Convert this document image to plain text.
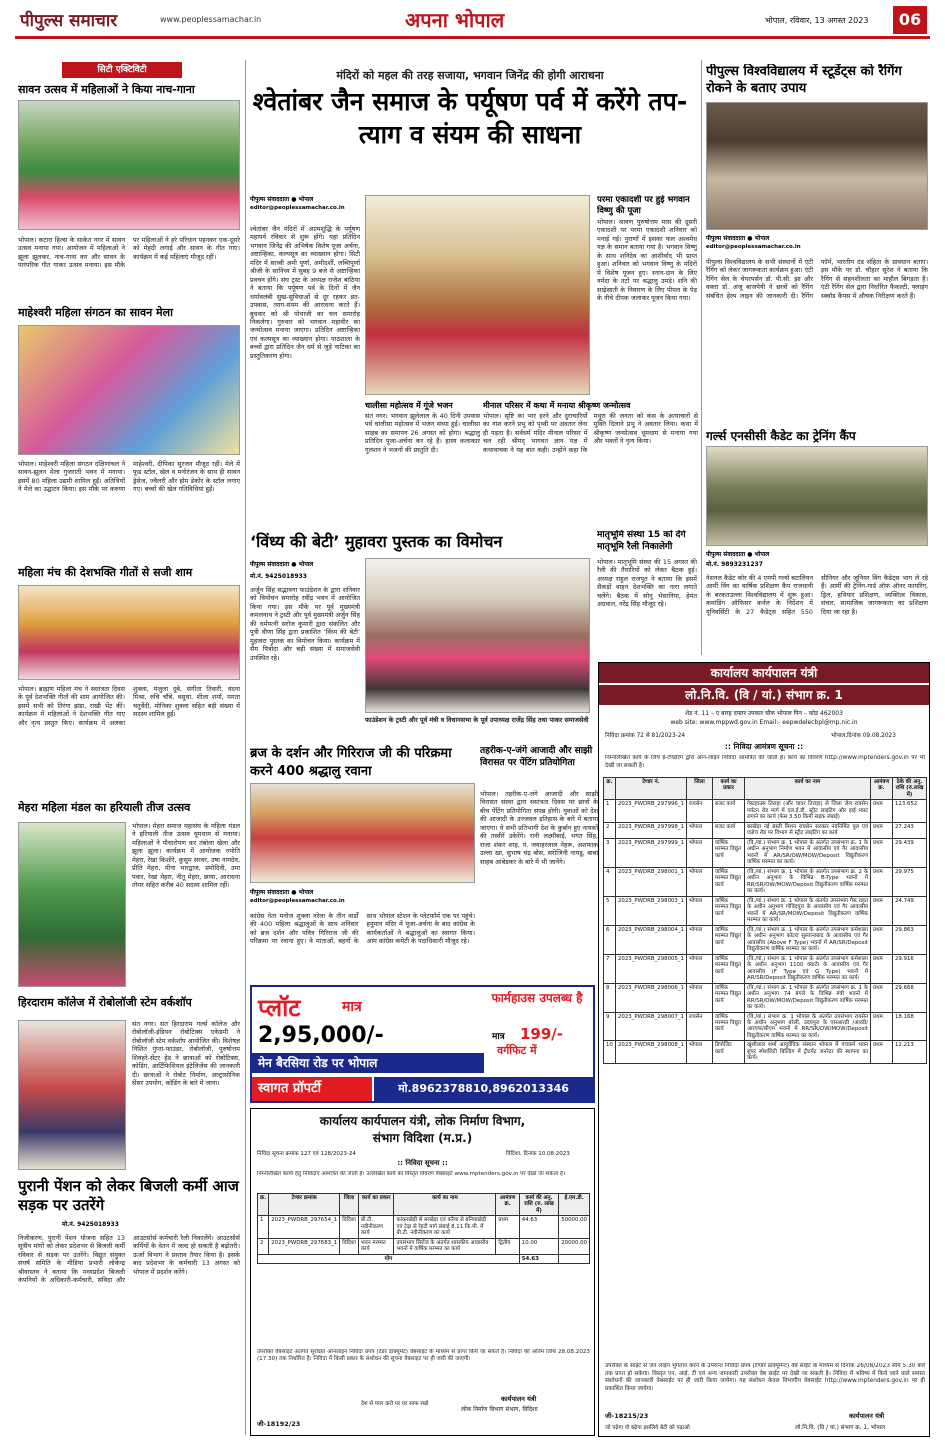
पीपुल्स समाचार	www.peoplessamachar.in	अपना भोपाल	भोपाल, रविवार, 13 अगस्त 2023	06
सिटी एक्टिविटी
सावन उत्सव में महिलाओं ने किया नाच-गाना
भोपाल। कटारा हिल्स के साकेत नगर में सावन उत्सव मनाया गया। आयोजन में महिलाओं ने झूला झूलकर, नाच-गाना कर और सावन के पारंपरिक गीत गाकर उत्सव मनाया। इस मौके पर महिलाओं ने हरे परिधान पहनकर एक-दूसरे को मेहंदी लगाई और सावन के गीत गाए। कार्यक्रम में कई महिलाएं मौजूद रहीं।
माहेश्वरी महिला संगठन का सावन मेला
भोपाल। माहेश्वरी महिला संगठन दक्षिणांचल ने सावन-झूलन मेला गुजराती भवन में मनाया। इसमें 80 महिला उद्यमी शामिल हुईं। अतिथियों ने मेले का उद्घाटन किया। इस मौके पर करुणा माहेश्वरी, दीपिका सुरजन मौजूद रहीं। मेले में फूड स्टॉल, खेल व मनोरंजन के साथ ही सावन ड्रेसेज, ज्वैलरी और होम डेकोर के स्टॉल लगाए गए। बच्चों की खेल गतिविधियां हुईं।
महिला मंच की देशभक्ति गीतों से सजी शाम
भोपाल। ब्राह्मण महिला मंच ने स्वतंत्रता दिवस के पूर्व देशभक्ति गीतों की शाम आयोजित की। इसमें सभी को तिरंगा झंडा, राखी भेंट कीं। कार्यक्रम में महिलाओं ने देशभक्ति गीत गाए और नृत्य प्रस्तुत किए। कार्यक्रम में अलका शुक्ला, मंजुला दुबे, संगीता तिवारी, वंदना मिश्रा, रुचि चौबे, वसुधा, शीला शर्मा, ममता चतुर्वेदी, मोनिका शुक्ला सहित बड़ी संख्या में सदस्य शामिल हुईं।
मेहरा महिला मंडल का हरियाली तीज उत्सव
भोपाल। मेहरा समाज महासंघ के महिला मंडल ने हरियाली तीज उत्सव धूमधाम से मनाया। महिलाओं ने पौधारोपण कर तंबोला खेला और झूला झूला। कार्यक्रम में आयोजक ज्योति मेहरा, रेखा किशोरे, कुसुम सरवर, उषा नामदेव, प्रीति मेहरा, मीना भारद्वाज, प्रमोदिनी, उमा पवार, रेखा मेहरा, नीतू मेहरा, छाया, आराधना तोमर सहित करीब 40 सदस्य शामिल रहीं।
हिरदाराम कॉलेज में रोबोलॉजी स्टेम वर्कशॉप
संत नगर। संत हिरदाराम गर्ल्स कॉलेज और रोबोलॉजी-इंडियन रोबोटिक्स एकेडमी ने रोबोलॉजी स्टेम वर्कशॉप आयोजित की। विशेषज्ञ निशित गुप्ता-फाउंडर, रोबोलॉजी, पुरुषोत्तम शिवहरे-सेंटर हेड ने छात्राओं को रोबोटिक्स, कोडिंग, आर्टिफिशियल इंटेलिजेंस की जानकारी दी। छात्राओं ने रोबोट निर्माण, अल्ट्रासोनिक सेंसर उपयोग, कोडिंग के बारे में जाना।
पुरानी पेंशन को लेकर बिजली कर्मी आज सड़क पर उतरेंगे
मो.नं. 9425018933
निजीकरण, पुरानी पेंशन योजना सहित 13 सूत्रीय मांगों को लेकर प्रदेशभर से बिजली कर्मी रविवार से सड़क पर उतरेंगे। विद्युत संयुक्त संघर्ष समिति के मीडिया प्रभारी लोकेन्द्र श्रीवास्तव ने बताया कि मध्यप्रदेश बिजली कंपनियों के अधिकारी-कर्मचारी, संविदा और आउटसोर्स कर्मचारी रैली निकालेंगे। आउटसोर्स कर्मियों के वेतन में जल्द हो सकती है बढ़ोतरी। ऊर्जा विभाग ने प्रस्ताव तैयार किया है। इसके बाद प्रदेशभर के कर्मचारी 13 अगस्त को भोपाल में प्रदर्शन करेंगे।
मंदिरों को महल की तरह सजाया, भगवान जिनेंद्र की होगी आराधना
श्वेतांबर जैन समाज के पर्यूषण पर्व में करेंगे तप-त्याग व संयम की साधना
पीपुल्स संवाददाता ● भोपाल
editor@peoplessamachar.co.in
श्वेतांबर जैन मंदिरों में आत्मशुद्धि के पर्यूषण महापर्व रविवार से शुरू होंगे। यहां प्रतिदिन भगवान जिनेंद्र की अभिषेक विशेष पूजा अर्चना, अष्टान्हिका, कल्पसूत्र का व्याख्यान होगा। सिटी मंदिर में साध्वी अमी पूर्णा, अमीदर्शी, लब्धिपूर्णा श्रीजी के सानिध्य में सुबह 9 बजे से अष्टान्हिका प्रवचन होंगे। संघ ट्रस्ट के अध्यक्ष राजेश बांठिया ने बताया कि पर्यूषण पर्व के दिनों में जैन धर्मावलंबी सुख-सुविधाओं से दूर रहकर व्रत-उपवास, त्याग-संयम की आराधना करते हैं। बुधवार को श्री पोथाजी का चल समारोह निकलेगा। गुरुवार को भगवान महावीर का जन्मोत्सव मनाया जाएगा। प्रतिदिन अष्टान्हिका एवं कल्पसूत्र का व्याख्यान होगा। पाठशाला के बच्चों द्वारा प्रतिदिन जैन धर्म से जुड़े नाटिका का प्रस्तुतिकरण होगा।
चालीसा महोत्सव में गूंजे भजन
संत नगर। भगवान झूलेलाल के 40 दिनी उपवास पर्व चालीसा महोत्सव में भजन संध्या हुई। चालीसा साहब का समापन 26 अगस्त को होगा। श्रद्धालु प्रतिदिन पूजा-अर्चना कर रहे हैं। हास्य कलाकार गुलशन ने भजनों की प्रस्तुति दी।
परमा एकादशी पर हुई भगवान विष्णु की पूजा
भोपाल। श्रावण पुरुषोत्तम मास की दूसरी एकादशी पर परमा एकादशी शनिवार को मनाई गई। पुराणों में इसका फल अश्वमेध यज्ञ के समान बताया गया है। भगवान विष्णु के साथ शनिदेव का आशीर्वाद भी प्राप्त हुआ। शनिवार को भगवान विष्णु के मंदिरों में विशेष पूजन हुए। स्नान-दान के लिए नर्मदा के तटों पर श्रद्धालु उमड़े। शनि की साढ़ेसाती के निवारण के लिए पीपल के पेड़ के नीचे दीपक जलाकर पूजन किया गया।
मीनाल परिसर में कथा में मनाया श्रीकृष्ण जन्मोत्सव
भोपाल। सृष्टि का भार हरने और दुराचारियों का नाश करने प्रभु को पृथ्वी पर अवतार लेना ही पड़ता है। सर्वधर्म मंदिर मीनाल परिसर में चल रही श्रीमद् भागवत ज्ञान यज्ञ में कथावाचक ने यह बात कही। उन्होंने कहा कि मथुरा की जनता को कंस के अत्याचारों से मुक्ति दिलाने प्रभु ने अवतार लिया। कथा में श्रीकृष्ण जन्मोत्सव धूमधाम से मनाया गया और भक्तों ने नृत्य किया।
पीपुल्स विश्वविद्यालय में स्टूडेंट्स को रैगिंग रोकने के बताए उपाय
पीपुल्स संवाददाता ● भोपाल
editor@peoplessamachar.co.in
पीपुल्स विश्वविद्यालय के सभी संस्थानों में एंटी रैगिंग को लेकर जागरूकता कार्यक्रम हुआ। एंटी रैगिंग सेल के चेयरपर्सन डॉ. पी.सी. झा और वक्ता डॉ. अंजू बाजपेयी ने छात्रों को रैगिंग संबंधित हेल्प लाइन की जानकारी दी। रैगिंग फॉर्म, भारतीय दंड संहिता के प्रावधान बताए। इस मौके पर डॉ. चौहार सुरेश ने बताया कि रैगिंग से सहनशीलता का माहौल बिगड़ता है। एंटी रैगिंग सेल द्वारा निर्धारित फैकल्टी, फ्लाइंग स्क्वॉड कैंपस में औचक निरीक्षण करते हैं।
गर्ल्स एनसीसी कैडेट का ट्रेनिंग कैंप
पीपुल्स संवाददाता ● भोपाल
मो.नं. 9893231237
नेशनल कैडेट कोर की 4 एमपी गर्ल्स बटालियन आर्मी विंग का वार्षिक प्रशिक्षण कैंप राजधानी के बरकतउल्ला विश्वविद्यालय में शुरू हुआ। कमांडिंग ऑफिसर कर्नल के निर्देशन में यूनिवर्सिटी के 27 कैडेट्स सहित 550 सीनियर और जूनियर विंग कैडेट्स भाग ले रहे हैं। आर्मी की ट्रेनिंग-गार्ड ऑफ ऑनर फायरिंग, ड्रिल, हथियार प्रशिक्षण, व्यक्तित्व विकास, संचार, सामाजिक जागरूकता का प्रशिक्षण दिया जा रहा है।
‘विंध्य की बेटी’ मुहावरा पुस्तक का विमोचन
पीपुल्स संवाददाता ● भोपाल
मो.नं. 9425018933
अर्जुन सिंह सद्भावना फाउंडेशन के द्वारा शनिवार को विमोचन समारोह रवींद्र भवन में आयोजित किया गया। इस मौके पर पूर्व मुख्यमंत्री कमलनाथ ने ट्रस्टी और पूर्व मुख्यमंत्री अर्जुन सिंह की धर्मपत्नी सरोज कुमारी द्वारा संकलित और पुत्री वीणा सिंह द्वारा प्रकाशित ‘विंध्य की बेटी’ मुहावरा पुस्तक का विमोचन किया। कार्यक्रम में सैम पित्रोदा और बड़ी संख्या में समाजसेवी उपस्थित रहे।
फाउंडेशन के ट्रस्टी और पूर्व मंत्री व विधानसभा के पूर्व उपाध्यक्ष राजेंद्र सिंह तथा पाकर समाजसेवी
मातृभूमि संस्था 15 को देंगे मातृभूमि रैली निकालेगी
भोपाल। मातृभूमि संस्था की 15 अगस्त की रैली की तैयारियों को लेकर बैठक हुई। अध्यक्ष राहुल राजपूत ने बताया कि इसमें सैकड़ों वाहन देशभक्ति का नारा लगाते चलेंगे। बैठक में सोनू भेसानिया, हेमंत अग्रवाल, नरेंद्र सिंह मौजूद रहे।
ब्रज के दर्शन और गिरिराज जी की परिक्रमा करने 400 श्रद्धालु रवाना
पीपुल्स संवाददाता ● भोपाल
editor@peoplessamachar.co.in
कांग्रेस नेता मनोज शुक्ला नरेला के तीन वार्डों की 400 महिला श्रद्धालुओं के साथ शनिवार को ब्रज दर्शन और पवित्र गिरिराज जी की परिक्रमा पर रवाना हुए। वे माताओं, बहनों के साथ भोपाल स्टेशन के प्लेटफॉर्म एक पर पहुंचे। हनुमान मंदिर में पूजा-अर्चना के बाद कांग्रेस के कार्यकर्ताओं ने श्रद्धालुओं का स्वागत किया। आम कांग्रेस कमेटी के पदाधिकारी मौजूद रहे।
तहरीक-ए-जंगे आजादी और साझी विरासत पर पेंटिंग प्रतियोगिता
भोपाल। तहरीक-ए-जंगे आजादी और साझी विरासत संस्था द्वारा स्वतंत्रता दिवस पर छात्रों के बीच पेंटिंग प्रतियोगिता संपन्न होगी। युवाओं को देश की आजादी के उज्जवल इतिहास के बारे में बताया जाएगा। ये सभी प्रतिभागी देश के कुर्बान हुए नायकों की तस्वीरें उकेरेंगे। रानी लक्ष्मीबाई, भगत सिंह, राजा शंकर शाह, पं. जवाहरलाल नेहरू, अशफाक उल्ला खां, सुभाष चंद्र बोस, सरोजिनी नायडू, बाबा साहब आंबेडकर के बारे में भी जानेंगे।
प्लॉट	मात्र
2,95,000/-
फार्महाउस उपलब्ध है
मात्र 199/-
वर्गफिट में
मेन बैरसिया रोड पर भोपाल
स्वागत प्रॉपर्टी	मो.8962378810,8962013346
कार्यालय कार्यपालन यंत्री, लोक निर्माण विभाग,
संभाग विदिशा (म.प्र.)
निविदा सूचना क्रमांक 127 एवं 128/2023-24	विदिशा, दिनांक 10.08.2023
:: निविदा सूचना ::
निम्नलिखित कार्यों हेतु निविदाएं आमंत्रित की जाती हैं। उल्लेखित कार्य का विस्तृत विवरण वेबसाइट www.mptenders.gov.in पर देखा जा सकता है।
क्र.	टेण्डर क्रमांक	जिला	कार्य का प्रकार	कार्य का नाम	आमंत्रण क्र.	कार्य की अनु. राशि (रु. लाख में)	ई.एम.डी.
1	2023_PWDRB_297654_1	विदिशा	बी.टी. नवीनीकरण कार्य	कांकरखेड़ी से बरखेड़ा एवं करैया से बनियाखेड़ी एवं टेढ़ा से रेहटी मार्ग लंबाई 8.11 कि.मी. में बी.टी. नवीनीकरण का कार्य	प्रथम	44.63	50000.00
2	2023_PWDRB_297683_1	विदिशा	भवन मरम्मत कार्य	उपसंभाग सिरोंज के अंतर्गत शासकीय आवासीय भवनों में वार्षिक मरम्मत का कार्य	द्वितीय	10.00	20000.00
योग						54.63	
उपरोक्त वेबसाइट अंतर्गत सुरक्षित ऑनलाइन निविदा प्रपत्र (टेंडर डाक्यूमेंट) वेबसाइट के माध्यम से प्राप्त किये जा सकते हैं। निविदा की अंतिम तिथि 28.08.2023 (17.30) तक निर्धारित है। निविदा में किसी प्रकार के संशोधन की सूचना वेबसाइट पर ही जारी की जाएगी।
देश से प्यार करो पर घर साफ रखो
कार्यपालन यंत्री
लोक निर्माण विभाग संभाग, विदिशा
जी-18192/23
कार्यालय कार्यपालन यंत्री
लो.नि.वि. (वि / यां.) संभाग क्र. 1
शेड नं. 11 – ए बारह दफ्तर उपकार चौक भोपाल पिन – कोड 462003
web site: www.mppwd.gov.in Email:- eepwdelecbpl@mp.nic.in
निविदा क्रमांक 72 से 81/2023-24	भोपाल,दिनांक 09.08.2023
:: निविदा आमंत्रण सूचना ::
निम्नलिखित कार्य के लिये ई-टेण्डरिंग द्वारा ऑन-लाइन निविदा आमंत्रित की जाती है। कार्य का विवरण http://www.mptenders.gov.in पर भी देखी जा सकती है।
क्र.	टेण्डर नं.	जिला	कार्य का प्रकार	कार्य का नाम	आमंत्रण क्र.	ठेके की अनु. राशि (रु.लाख में)
1	2023_PWDRB_297996_1	रायसेन	बजट कार्य	गेस्टहाउस तिराहा (औंर चावर तिराहा) से जिला जेल रायसेन पर्यटन रोड मार्ग में एल.ई.डी. स्ट्रीट लाइटिंग और हाई मास्ट लगाने का कार्य (फेस 3.50 किमी सड़क लंबाई)	प्रथम	123.652
2	2023_PWDRB_297998_1	भोपाल	बजट कार्य	बरखेड़ा नई बस्ती मिशन रायसेन सरकार नवनिर्मित पुल एवं एप्रोच रोड पर विभाग से स्ट्रीट लाइटिंग का कार्य	प्रथम	27.243
3	2023_PWDRB_297999_1	भोपाल	वार्षिक मरम्मत विद्युत कार्य	(वि./यां.) संभाग क्र. 1 भोपाल के अंतर्गत उपसंभाग क्र. 1 के अधीन अनुभाग निर्माण भवन में आवासीय एवं गैर आवासीय भवनों में AR/SR/OW/MOW/Deposit विद्युतीकरण वार्षिक मरम्मत का कार्य।	प्रथम	29.439
4	2023_PWDRB_298001_1	भोपाल	वार्षिक मरम्मत विद्युत कार्य	(वि./यां.) संभाग क्र. 1 भोपाल के अंतर्गत उपसंभाग क्र. 2 के अधीन अनुभाग के विभिन्न B-Type भवनों में RR/SR/OW/MOW/Deposit विद्युतीकरण वार्षिक मरम्मत का कार्य।	प्रथम	29.975
5	2023_PWDRB_298003_1	भोपाल	वार्षिक मरम्मत विद्युत कार्य	(वि./यां.) संभाग क्र. 1 भोपाल के अंतर्गत उपसंभाग गैस राहत के अधीन अनुभाग गोविंदपुरा के आवासीय एवं गैर आवासीय भवनों में AR/SR/MOW/Deposit विद्युतीकरण वार्षिक मरम्मत का कार्य।	प्रथम	24.749
6	2023_PWDRB_298004_1	भोपाल	वार्षिक मरम्मत विद्युत कार्य	(वि./यां.) संभाग क्र. 1 भोपाल के अंतर्गत उपसंभाग कर्मशाला के अधीन अनुभाग कोटरा सुल्तानाबाद के आवासीय एवं गैर आवासीय (Above F Type) भवनों में AR/SR/Deposit विद्युतीकरण वार्षिक मरम्मत का कार्य।	प्रथम	29.863
7	2023_PWDRB_298005_1	भोपाल	वार्षिक मरम्मत विद्युत कार्य	(वि./यां.) संभाग क्र. 1 भोपाल के अंतर्गत उपसंभाग कर्मशाला के अधीन अनुभाग 1100 क्वार्टर के आवासीय एवं गैर आवासीय (F Type एवं G Type) भवनों में AR/SR/Deposit विद्युतीकरण वार्षिक मरम्मत का कार्य।	प्रथम	29.916
8	2023_PWDRB_298006_1	भोपाल	वार्षिक मरम्मत विद्युत कार्य	(वि./यां.) संभाग क्र. 1 भोपाल के अंतर्गत उपसंभाग क्र. 1 के अधीन अनुभाग 74 बंगले के विभिन्न मंत्री भवनों में RR/SR/OW/MOW/Deposit विद्युतीकरण वार्षिक मरम्मत का कार्य।	प्रथम	29.668
9	2023_PWDRB_298007_1	रायसेन	वार्षिक मरम्मत विद्युत कार्य	(वि./यां.) संभाग क्र. 1 भोपाल के अंतर्गत उपसंभाग रायसेन के अधीन अनुभाग बरेली, उदयपुरा के एसआरडी /आरडी/आरएफ/सीएम भवनों में RR/SR/OW/MOW/Deposit विद्युतीकरण वार्षिक मरम्मत का कार्य।	प्रथम	18.168
10	2023_PWDRB_298008_1	भोपाल	डिपोजिट कार्य	खुशीलाल शर्मा आयुर्वेदिक संस्थान भोपाल में पंचकर्म भवन सुपर स्पेशलिटी बिल्डिंग में ट्रीटमेंट जनरेटर की स्थापना का कार्य।	प्रथम	12.213
उपरोक्त के साइट से जन लाईन भुगतान करने के उपरान्त निविदा प्रपत्र (टेण्डर डाक्यूमेन्ट) वेब साईट के माध्यम से दिनांक 26/08/2023 सांय 5.30 बजे तक प्राप्त हो सकेगा। विस्तृत एन. आई. टी एवं अन्य जानकारी उपरोक्त वेब साईट पर देखी जा सकती है। निविदा में भविष्य में किये जाने वाले समस्त संशोधनों की जानकारी वेबसाईट पर ही जारी किया जायेगा। यह संशोधन केवल विभागीय वेबसाईट http://www.mptenders.gov.in पर ही प्रकाशित किया जायेगा।
जी-18215/23
जो पढ़ेगा वो बढ़ेगा इसलिये बेटी को पढ़ाओ
कार्यपालन यंत्री
लो.नि.वि. (वि / यां.) संभाग क्र. 1, भोपाल
